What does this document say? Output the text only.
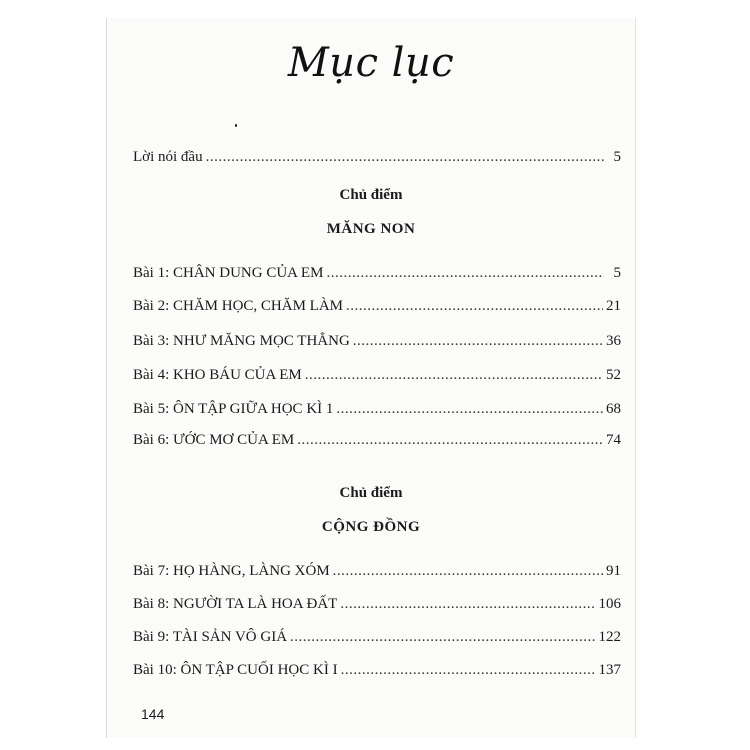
Mục lục
Lời nói đầu .....	5
Chủ điểm
MĂNG NON
Bài 1: CHÂN DUNG CỦA EM .....	5
Bài 2: CHĂM HỌC, CHĂM LÀM .....	21
Bài 3: NHƯ MĂNG MỌC THẲNG .....	36
Bài 4: KHO BÁU CỦA EM .....	52
Bài 5: ÔN TẬP GIỮA HỌC KÌ 1 .....	68
Bài 6: ƯỚC MƠ CỦA EM .....	74
Chủ điểm
CỘNG ĐỒNG
Bài 7: HỌ HÀNG, LÀNG XÓM .....	91
Bài 8: NGƯỜI TA LÀ HOA ĐẤT .....	106
Bài 9: TÀI SẢN VÔ GIÁ .....	122
Bài 10: ÔN TẬP CUỐI HỌC KÌ I .....	137
144
